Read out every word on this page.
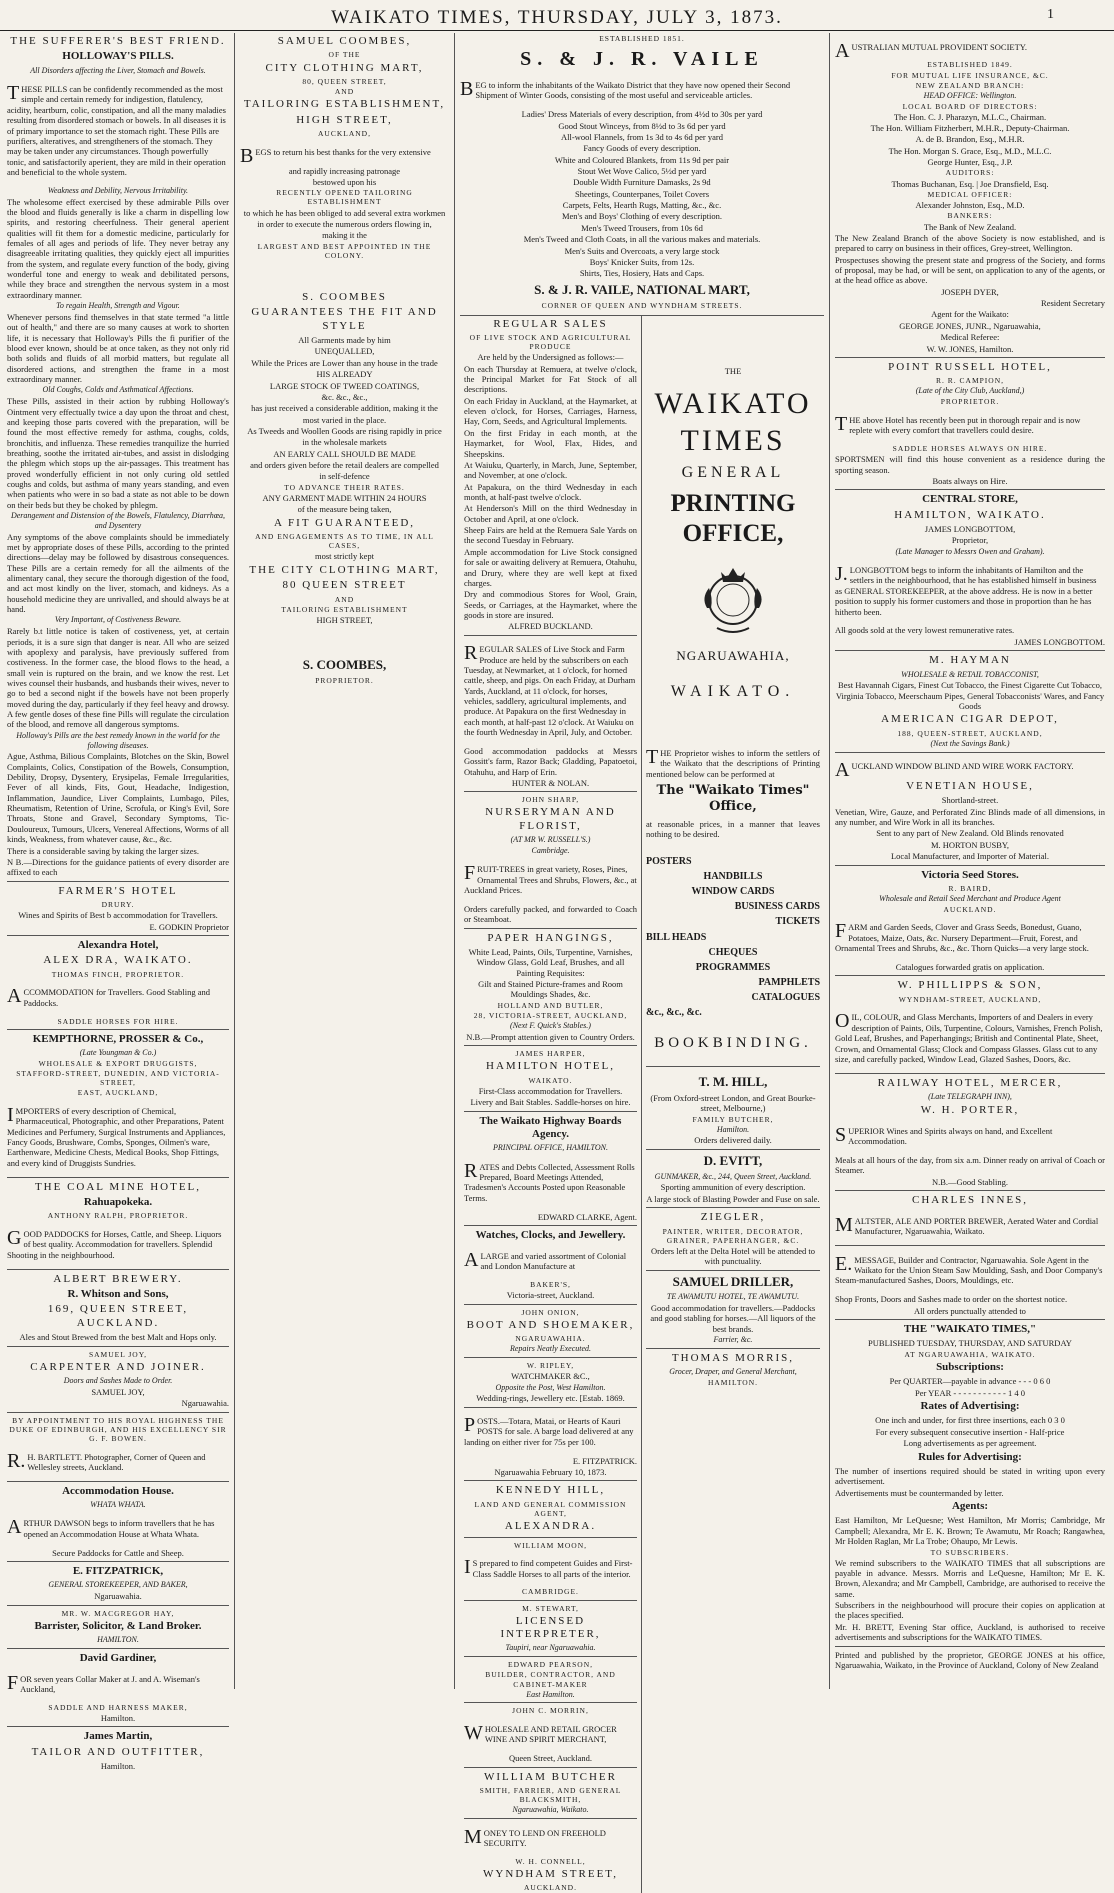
WAIKATO TIMES, THURSDAY, JULY 3, 1873.	1

THE SUFFERER'S BEST FRIEND.

HOLLOWAY'S PILLS.

All Disorders affecting the Liver, Stomach and Bowels.

THESE PILLS can be confidently recommended as the most simple and certain remedy for indigestion, flatulency, acidity, heartburn, colic, constipation, and all the many maladies resulting from disordered stomach or bowels. In all diseases it is of primary importance to set the stomach right. These Pills are purifiers, alteratives, and strengtheners of the stomach. They may be taken under any circumstances. Though powerfully tonic, and satisfactorily aperient, they are mild in their operation and beneficial to the whole system.

Weakness and Debility, Nervous Irritability.

The wholesome effect exercised by these admirable Pills over the blood and fluids generally is like a charm in dispelling low spirits, and restoring cheerfulness. Their general aperient qualities will fit them for a domestic medicine, particularly for females of all ages and periods of life. They never betray any disagreeable irritating qualities, they quickly eject all impurities from the system, and regulate every function of the body, giving wonderful tone and energy to weak and debilitated persons, while they brace and strengthen the nervous system in a most extraordinary manner.

To regain Health, Strength and Vigour.

Whenever persons find themselves in that state termed "a little out of health," and there are so many causes at work to shorten life, it is necessary that Holloway's Pills the fi purifier of the blood ever known, should be at once taken, as they not only rid both solids and fluids of all morbid matters, but regulate all disordered actions, and strengthen the frame in a most extraordinary manner.

Old Coughs, Colds and Asthmatical Affections.

These Pills, assisted in their action by rubbing Holloway's Ointment very effectually twice a day upon the throat and chest, and keeping those parts covered with the preparation, will be found the most effective remedy for asthma, coughs, colds, bronchitis, and influenza. These remedies tranquilize the hurried breathing, soothe the irritated air-tubes, and assist in dislodging the phlegm which stops up the air-passages. This treatment has proved wonderfully efficient in not only curing old settled coughs and colds, but asthma of many years standing, and even when patients who were in so bad a state as not able to be down on their beds but they be choked by phlegm.

Derangement and Distension of the Bowels, Flatulency, Diarrhœa, and Dysentery

Any symptoms of the above complaints should be immediately met by appropriate doses of these Pills, according to the printed directions—delay may be followed by disastrous consequences. These Pills are a certain remedy for all the ailments of the alimentary canal, they secure the thorough digestion of the food, and act most kindly on the liver, stomach, and kidneys. As a household medicine they are unrivalled, and should always be at hand.

Very Important, of Costiveness Beware.

Rarely b.t little notice is taken of costiveness, yet, at certain periods, it is a sure sign that danger is near. All who are seized with apoplexy and paralysis, have previously suffered from costiveness. In the former case, the blood flows to the head, a small vein is ruptured on the brain, and we know the rest. Let wives counsel their husbands, and husbands their wives, never to go to bed a second night if the bowels have not been properly moved during the day, particularly if they feel heavy and drowsy. A few gentle doses of these fine Pills will regulate the circulation of the blood, and remove all dangerous symptoms.

Holloway's Pills are the best remedy known in the world for the following diseases.

Ague, Asthma, Bilious Complaints, Blotches on the Skin, Bowel Complaints, Colics, Constipation of the Bowels, Consumption, Debility, Dropsy, Dysentery, Erysipelas, Female Irregularities, Fever of all kinds, Fits, Gout, Headache, Indigestion, Inflammation, Jaundice, Liver Complaints, Lumbago, Piles, Rheumatism, Retention of Urine, Scrofula, or King's Evil, Sore Throats, Stone and Gravel, Secondary Symptoms, Tic-Douloureux, Tumours, Ulcers, Venereal Affections, Worms of all kinds, Weakness, from whatever cause, &c., &c.

There is a considerable saving by taking the larger sizes.

N B.—Directions for the guidance patients of every disorder are affixed to each

FARMER'S HOTEL

DRURY.

Wines and Spirits of Best b accommodation for Travellers.

E. GODKIN Proprietor

Alexandra Hotel,

ALEX DRA, WAIKATO.

THOMAS FINCH, PROPRIETOR.

ACCOMMODATION for Travellers. Good Stabling and Paddocks.

SADDLE HORSES FOR HIRE.

KEMPTHORNE, PROSSER & Co.,

(Late Youngman & Co.)

WHOLESALE & EXPORT DRUGGISTS,

STAFFORD-STREET, DUNEDIN, AND VICTORIA-STREET,

EAST, AUCKLAND,

IMPORTERS of every description of Chemical, Pharmaceutical, Photographic, and other Preparations, Patent Medicines and Perfumery, Surgical Instruments and Appliances, Fancy Goods, Brushware, Combs, Sponges, Oilmen's ware, Earthenware, Medicine Chests, Medical Books, Shop Fittings, and every kind of Druggists Sundries.

THE COAL MINE HOTEL,

Rahuapokeka.

ANTHONY RALPH, PROPRIETOR.

GOOD PADDOCKS for Horses, Cattle, and Sheep. Liquors of best quality. Accommodation for travellers. Splendid Shooting in the neighbourhood.

ALBERT BREWERY.

R. Whitson and Sons,

169, QUEEN STREET, AUCKLAND.

Ales and Stout Brewed from the best Malt and Hops only.

SAMUEL JOY,

CARPENTER AND JOINER.

Doors and Sashes Made to Order.

SAMUEL JOY,

Ngaruawahia.

BY APPOINTMENT TO HIS ROYAL HIGHNESS THE DUKE OF EDINBURGH, AND HIS EXCELLENCY SIR G. F. BOWEN.

R.H. BARTLETT. Photographer, Corner of Queen and Wellesley streets, Auckland.

Accommodation House.

WHATA WHATA.

ARTHUR DAWSON begs to inform travellers that he has opened an Accommodation House at Whata Whata.

Secure Paddocks for Cattle and Sheep.

E. FITZPATRICK,

GENERAL STOREKEEPER, AND BAKER,

Ngaruawahia.

MR. W. MACGREGOR HAY,

Barrister, Solicitor, & Land Broker.

HAMILTON.

David Gardiner,

FOR seven years Collar Maker at J. and A. Wiseman's Auckland,

SADDLE AND HARNESS MAKER,

Hamilton.

James Martin,

TAILOR AND OUTFITTER,

Hamilton.

SAMUEL COOMBES,

OF THE

CITY CLOTHING MART,

80, QUEEN STREET,

AND

TAILORING ESTABLISHMENT,

HIGH STREET,

AUCKLAND,

BEGS to return his best thanks for the very extensive

and rapidly increasing patronage

bestowed upon his

RECENTLY OPENED TAILORING ESTABLISHMENT

to which he has been obliged to add several extra workmen

in order to execute the numerous orders flowing in,

making it the

LARGEST AND BEST APPOINTED IN THE COLONY.

S. COOMBES

GUARANTEES THE FIT AND STYLE

All Garments made by him

UNEQUALLED,

While the Prices are Lower than any house in the trade

HIS ALREADY

LARGE STOCK OF TWEED COATINGS,

&c. &c., &c.,

has just received a considerable addition, making it the

most varied in the place.

As Tweeds and Woollen Goods are rising rapidly in price

in the wholesale markets

AN EARLY CALL SHOULD BE MADE

and orders given before the retail dealers are compelled

in self-defence

TO ADVANCE THEIR RATES.

ANY GARMENT MADE WITHIN 24 HOURS

of the measure being taken,

A FIT GUARANTEED,

AND ENGAGEMENTS AS TO TIME, IN ALL CASES,

most strictly kept

THE CITY CLOTHING MART,

80 QUEEN STREET

AND

TAILORING ESTABLISHMENT

HIGH STREET,

S. COOMBES,

PROPRIETOR.

ESTABLISHED 1851.

S. & J. R. VAILE

BEG to inform the inhabitants of the Waikato District that they have now opened their Second Shipment of Winter Goods, consisting of the most useful and serviceable articles.

Ladies' Dress Materials of every description, from 4½d to 30s per yard

Good Stout Winceys, from 8½d to 3s 6d per yard

All-wool Flannels, from 1s 3d to 4s 6d per yard

Fancy Goods of every description.

White and Coloured Blankets, from 11s 9d per pair

Stout Wet Wove Calico, 5½d per yard

Double Width Furniture Damasks, 2s 9d

Sheetings, Counterpanes, Toilet Covers

Carpets, Felts, Hearth Rugs, Matting, &c., &c.

Men's and Boys' Clothing of every description.

Men's Tweed Trousers, from 10s 6d

Men's Tweed and Cloth Coats, in all the various makes and materials.

Men's Suits and Overcoats, a very large stock

Boys' Knicker Suits, from 12s.

Shirts, Ties, Hosiery, Hats and Caps.

S. & J. R. VAILE, NATIONAL MART,

CORNER OF QUEEN AND WYNDHAM STREETS.

REGULAR SALES

OF LIVE STOCK AND AGRICULTURAL PRODUCE

Are held by the Undersigned as follows:—

On each Thursday at Remuera, at twelve o'clock, the Principal Market for Fat Stock of all descriptions.

On each Friday in Auckland, at the Haymarket, at eleven o'clock, for Horses, Carriages, Harness, Hay, Corn, Seeds, and Agricultural Implements.

On the first Friday in each month, at the Haymarket, for Wool, Flax, Hides, and Sheepskins.

At Waiuku, Quarterly, in March, June, September, and November, at one o'clock.

At Papakura, on the third Wednesday in each month, at half-past twelve o'clock.

At Henderson's Mill on the third Wednesday in October and April, at one o'clock.

Sheep Fairs are held at the Remuera Sale Yards on the second Tuesday in February.

Ample accommodation for Live Stock consigned for sale or awaiting delivery at Remuera, Otahuhu, and Drury, where they are well kept at fixed charges.

Dry and commodious Stores for Wool, Grain, Seeds, or Carriages, at the Haymarket, where the goods in store are insured.

ALFRED BUCKLAND.

REGULAR SALES of Live Stock and Farm Produce are held by the subscribers on each Tuesday, at Newmarket, at 1 o'clock, for horned cattle, sheep, and pigs. On each Friday, at Durham Yards, Auckland, at 11 o'clock, for horses, vehicles, saddlery, agricultural implements, and produce. At Papakura on the first Wednesday in each month, at half-past 12 o'clock. At Waiuku on the fourth Wednesday in April, July, and October.

Good accommodation paddocks at Messrs Gossitt's farm, Razor Back; Gladding, Papatoetoi, Otahuhu, and Harp of Erin.

HUNTER & NOLAN.

JOHN SHARP,

NURSERYMAN AND FLORIST,

(AT MR W. RUSSELL'S.)

Cambridge.

FRUIT-TREES in great variety, Roses, Pines, Ornamental Trees and Shrubs, Flowers, &c., at Auckland Prices.

Orders carefully packed, and forwarded to Coach or Steamboat.

PAPER HANGINGS,

White Lead, Paints, Oils, Turpentine, Varnishes, Window Glass, Gold Leaf, Brushes, and all Painting Requisites:

Gilt and Stained Picture-frames and Room Mouldings Shades, &c.

HOLLAND AND BUTLER,

28, VICTORIA-STREET, AUCKLAND,

(Next F. Quick's Stables.)

N.B.—Prompt attention given to Country Orders.

JAMES HARPER,

HAMILTON HOTEL,

WAIKATO.

First-Class accommodation for Travellers.

Livery and Bait Stables. Saddle-horses on hire.

The Waikato Highway Boards Agency.

PRINCIPAL OFFICE, HAMILTON.

RATES and Debts Collected, Assessment Rolls Prepared, Board Meetings Attended, Tradesmen's Accounts Posted upon Reasonable Terms.

EDWARD CLARKE, Agent.

Watches, Clocks, and Jewellery.

ALARGE and varied assortment of Colonial and London Manufacture at

BAKER'S,

Victoria-street, Auckland.

JOHN ONION,

BOOT AND SHOEMAKER,

NGARUAWAHIA.

Repairs Neatly Executed.

W. RIPLEY,

WATCHMAKER &C.,

Opposite the Post, West Hamilton.

Wedding-rings, Jewellery etc. [Estab. 1869.

POSTS.—Totara, Matai, or Hearts of Kauri POSTS for sale. A barge load delivered at any landing on either river for 75s per 100.

E. FITZPATRICK.

Ngaruawahia February 10, 1873.

KENNEDY HILL,

LAND AND GENERAL COMMISSION AGENT,

ALEXANDRA.

WILLIAM MOON,

IS prepared to find competent Guides and First-Class Saddle Horses to all parts of the interior.

CAMBRIDGE.

M. STEWART,

LICENSED INTERPRETER,

Taupiri, near Ngaruawahia.

EDWARD PEARSON,

BUILDER, CONTRACTOR, AND CABINET-MAKER

East Hamilton.

JOHN C. MORRIN,

WHOLESALE AND RETAIL GROCER WINE AND SPIRIT MERCHANT,

Queen Street, Auckland.

WILLIAM BUTCHER

SMITH, FARRIER, AND GENERAL BLACKSMITH,

Ngaruawahia, Waikato.

MONEY TO LEND ON FREEHOLD SECURITY.

W. H. CONNELL,

WYNDHAM STREET,

AUCKLAND.

THE

WAIKATO TIMES

GENERAL

PRINTING OFFICE,

NGARUAWAHIA,

WAIKATO.

THE Proprietor wishes to inform the settlers of the Waikato that the descriptions of Printing mentioned below can be performed at

The "Waikato Times" Office,

at reasonable prices, in a manner that leaves nothing to be desired.

POSTERS

HANDBILLS

WINDOW CARDS

BUSINESS CARDS

TICKETS

BILL HEADS

CHEQUES

PROGRAMMES

PAMPHLETS

CATALOGUES

&c., &c., &c.

BOOKBINDING.

T. M. HILL,

(From Oxford-street London, and Great Bourke-street, Melbourne,)

FAMILY BUTCHER,

Hamilton.

Orders delivered daily.

D. EVITT,

GUNMAKER, &c., 244, Queen Street, Auckland.

Sporting ammunition of every description.

A large stock of Blasting Powder and Fuse on sale.

ZIEGLER,

PAINTER, WRITER, DECORATOR, GRAINER, PAPERHANGER, &C.

Orders left at the Delta Hotel will be attended to with punctuality.

SAMUEL DRILLER,

TE AWAMUTU HOTEL, TE AWAMUTU.

Good accommodation for travellers.—Paddocks and good stabling for horses.—All liquors of the best brands.

Farrier, &c.

THOMAS MORRIS,

Grocer, Draper, and General Merchant,

HAMILTON.

AUSTRALIAN MUTUAL PROVIDENT SOCIETY.

ESTABLISHED 1849.

FOR MUTUAL LIFE INSURANCE, &C.

NEW ZEALAND BRANCH:

HEAD OFFICE: Wellington.

LOCAL BOARD OF DIRECTORS:

The Hon. C. J. Pharazyn, M.L.C., Chairman.

The Hon. William Fitzherbert, M.H.R., Deputy-Chairman.

A. de B. Brandon, Esq., M.H.R.

The Hon. Morgan S. Grace, Esq., M.D., M.L.C.

George Hunter, Esq., J.P.

AUDITORS:

Thomas Buchanan, Esq. | Joe Dransfield, Esq.

MEDICAL OFFICER:

Alexander Johnston, Esq., M.D.

BANKERS:

The Bank of New Zealand.

The New Zealand Branch of the above Society is now established, and is prepared to carry on business in their offices, Grey-street, Wellington.

Prospectuses showing the present state and progress of the Society, and forms of proposal, may be had, or will be sent, on application to any of the agents, or at the head office as above.

JOSEPH DYER,

Resident Secretary

Agent for the Waikato:

GEORGE JONES, JUNR., Ngaruawahia,

Medical Referee:

W. W. JONES, Hamilton.

POINT RUSSELL HOTEL,

R. R. CAMPION,

(Late of the City Club, Auckland,)

PROPRIETOR.

THE above Hotel has recently been put in thorough repair and is now replete with every comfort that travellers could desire.

SADDLE HORSES ALWAYS ON HIRE.

SPORTSMEN will find this house convenient as a residence during the sporting season.

Boats always on Hire.

CENTRAL STORE,

HAMILTON, WAIKATO.

JAMES LONGBOTTOM,

Proprietor,

(Late Manager to Messrs Owen and Graham).

J.LONGBOTTOM begs to inform the inhabitants of Hamilton and the settlers in the neighbourhood, that he has established himself in business as GENERAL STOREKEEPER, at the above address. He is now in a better position to supply his former customers and those in proportion than he has hitherto been.

All goods sold at the very lowest remunerative rates.

JAMES LONGBOTTOM.

M. HAYMAN

WHOLESALE & RETAIL TOBACCONIST,

Best Havannah Cigars, Finest Cut Tobacco, the Finest Cigarette Cut Tobacco, Virginia Tobacco, Meerschaum Pipes, General Tobacconists' Wares, and Fancy Goods

AMERICAN CIGAR DEPOT,

188, QUEEN-STREET, AUCKLAND,

(Next the Savings Bank.)

AUCKLAND WINDOW BLIND AND WIRE WORK FACTORY.

VENETIAN HOUSE,

Shortland-street.

Venetian, Wire, Gauze, and Perforated Zinc Blinds made of all dimensions, in any number, and Wire Work in all its branches.

Sent to any part of New Zealand. Old Blinds renovated

M. HORTON BUSBY,

Local Manufacturer, and Importer of Material.

Victoria Seed Stores.

R. BAIRD,

Wholesale and Retail Seed Merchant and Produce Agent

AUCKLAND.

FARM and Garden Seeds, Clover and Grass Seeds, Bonedust, Guano, Potatoes, Maize, Oats, &c. Nursery Department—Fruit, Forest, and Ornamental Trees and Shrubs, &c., &c. Thorn Quicks—a very large stock.

Catalogues forwarded gratis on application.

W. PHILLIPPS & SON,

WYNDHAM-STREET, AUCKLAND,

OIL, COLOUR, and Glass Merchants, Importers of and Dealers in every description of Paints, Oils, Turpentine, Colours, Varnishes, French Polish, Gold Leaf, Brushes, and Paperhangings; British and Continental Plate, Sheet, Crown, and Ornamental Glass; Clock and Compass Glasses. Glass cut to any size, and carefully packed, Window Lead, Glazed Sashes, Doors, &c.

RAILWAY HOTEL, MERCER,

(Late TELEGRAPH INN),

W. H. PORTER,

SUPERIOR Wines and Spirits always on hand, and Excellent Accommodation.

Meals at all hours of the day, from six a.m. Dinner ready on arrival of Coach or Steamer.

N.B.—Good Stabling.

CHARLES INNES,

MALTSTER, ALE AND PORTER BREWER, Aerated Water and Cordial Manufacturer, Ngaruawahia, Waikato.

E.MESSAGE, Builder and Contractor, Ngaruawahia. Sole Agent in the Waikato for the Union Steam Saw Moulding, Sash, and Door Company's Steam-manufactured Sashes, Doors, Mouldings, etc.

Shop Fronts, Doors and Sashes made to order on the shortest notice.

All orders punctually attended to

THE "WAIKATO TIMES,"

PUBLISHED TUESDAY, THURSDAY, AND SATURDAY

AT NGARUAWAHIA, WAIKATO.

Subscriptions:

Per QUARTER—payable in advance - - - 0 6 0

Per YEAR - - - - - - - - - - - 1 4 0

Rates of Advertising:

One inch and under, for first three insertions, each 0 3 0

For every subsequent consecutive insertion - Half-price

Long advertisements as per agreement.

Rules for Advertising:

The number of insertions required should be stated in writing upon every advertisement.

Advertisements must be countermanded by letter.

Agents:

East Hamilton, Mr LeQuesne; West Hamilton, Mr Morris; Cambridge, Mr Campbell; Alexandra, Mr E. K. Brown; Te Awamutu, Mr Roach; Rangawhea, Mr Holden Raglan, Mr La Trobe; Ohaupo, Mr Lewis.

TO SUBSCRIBERS.

We remind subscribers to the WAIKATO TIMES that all subscriptions are payable in advance. Messrs. Morris and LeQuesne, Hamilton; Mr E. K. Brown, Alexandra; and Mr Campbell, Cambridge, are authorised to receive the same.

Subscribers in the neighbourhood will procure their copies on application at the places specified.

Mr. H. BRETT, Evening Star office, Auckland, is authorised to receive advertisements and subscriptions for the WAIKATO TIMES.

Printed and published by the proprietor, GEORGE JONES at his office, Ngaruawahia, Waikato, in the Province of Auckland, Colony of New Zealand
